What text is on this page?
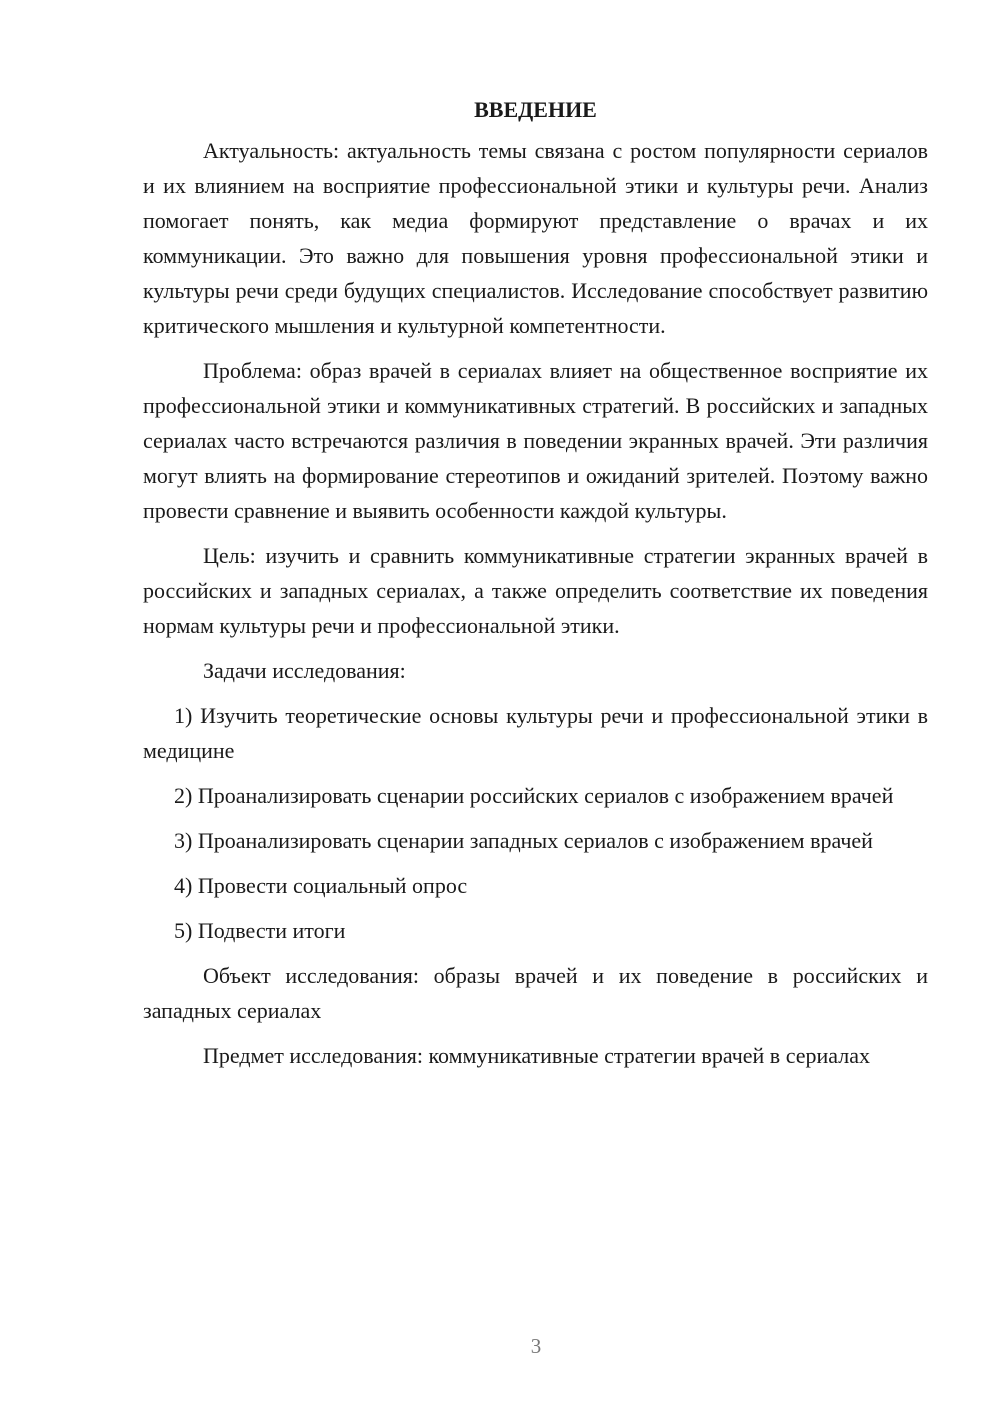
ВВЕДЕНИЕ

Актуальность: актуальность темы связана с ростом популярности сериалов и их влиянием на восприятие профессиональной этики и культуры речи. Анализ помогает понять, как медиа формируют представление о врачах и их коммуникации. Это важно для повышения уровня профессиональной этики и культуры речи среди будущих специалистов. Исследование способствует развитию критического мышления и культурной компетентности.

Проблема: образ врачей в сериалах влияет на общественное восприятие их профессиональной этики и коммуникативных стратегий. В российских и западных сериалах часто встречаются различия в поведении экранных врачей. Эти различия могут влиять на формирование стереотипов и ожиданий зрителей. Поэтому важно провести сравнение и выявить особенности каждой культуры.

Цель: изучить и сравнить коммуникативные стратегии экранных врачей в российских и западных сериалах, а также определить соответствие их поведения нормам культуры речи и профессиональной этики.

Задачи исследования:

1) Изучить теоретические основы культуры речи и профессиональной этики в медицине

2) Проанализировать сценарии российских сериалов с изображением врачей

3) Проанализировать сценарии западных сериалов с изображением врачей

4) Провести социальный опрос

5) Подвести итоги

Объект исследования: образы врачей и их поведение в российских и западных сериалах

Предмет исследования: коммуникативные стратегии врачей в сериалах

3
